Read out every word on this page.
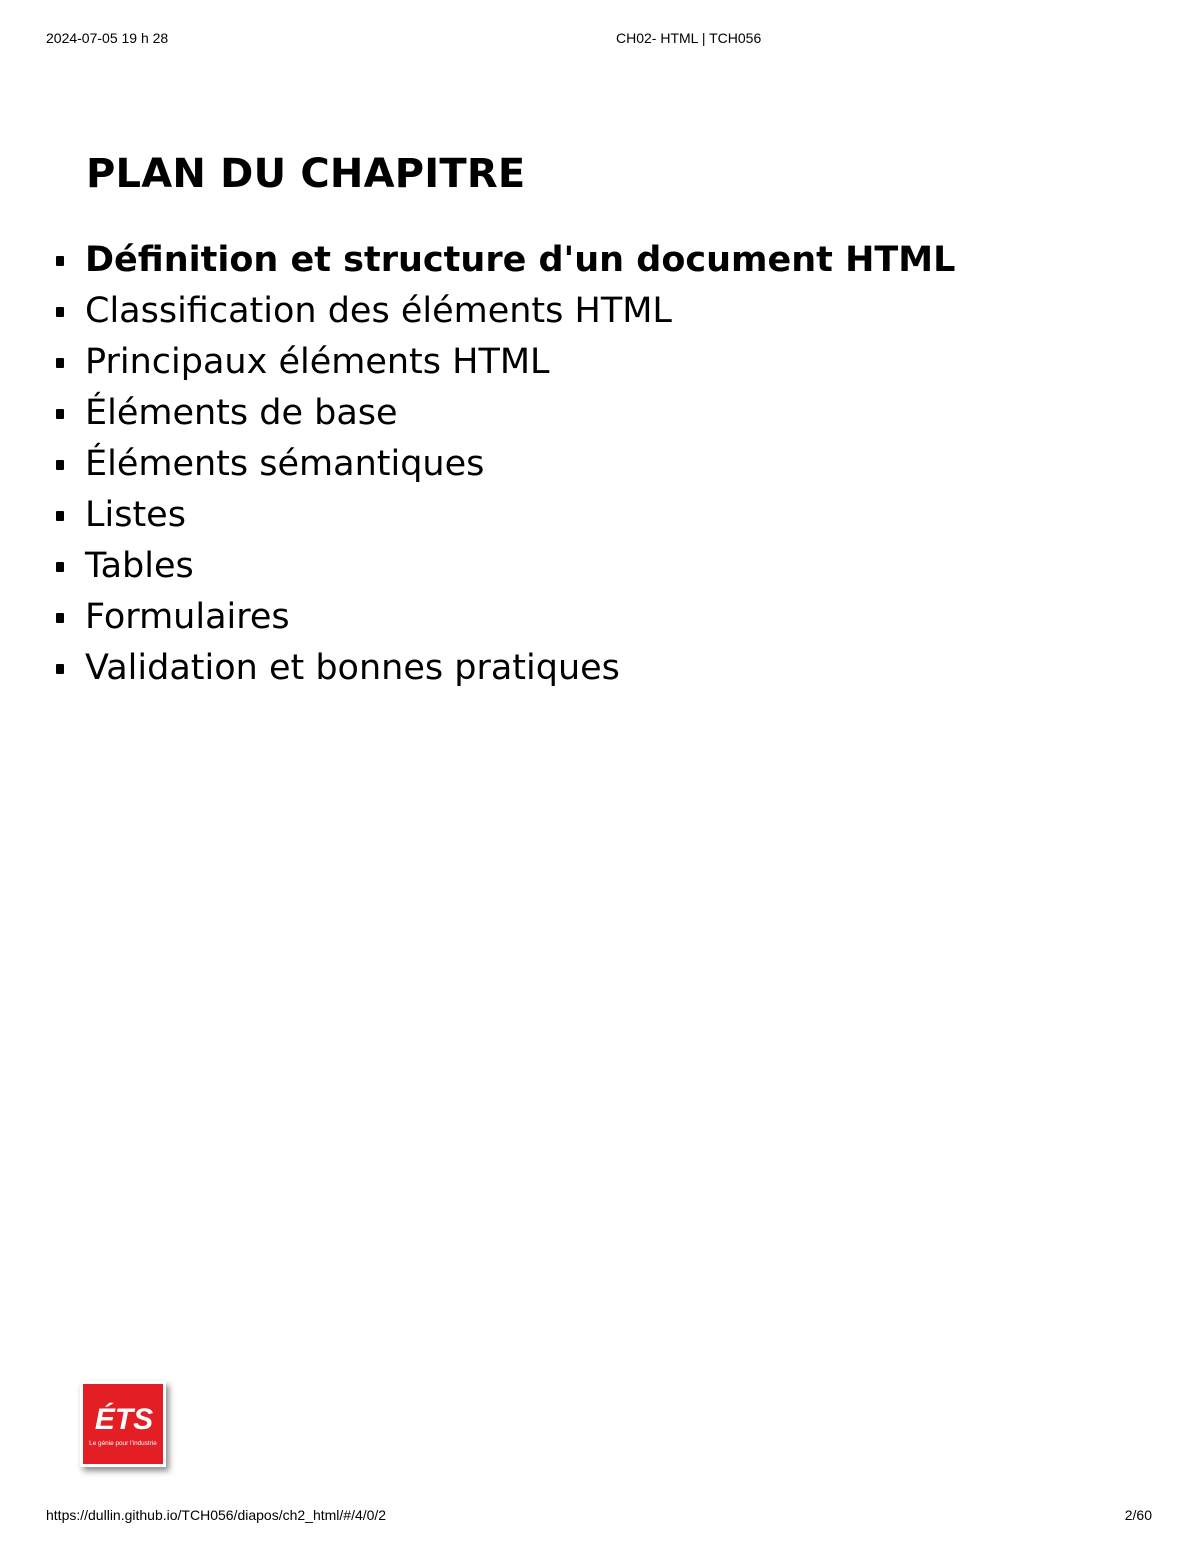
2024-07-05 19 h 28	CH02- HTML | TCH056
PLAN DU CHAPITRE
Définition et structure d'un document HTML
Classification des éléments HTML
Principaux éléments HTML
Éléments de base
Éléments sémantiques
Listes
Tables
Formulaires
Validation et bonnes pratiques
ÉTS
Le génie pour l'industrie
https://dullin.github.io/TCH056/diapos/ch2_html/#/4/0/2	2/60
